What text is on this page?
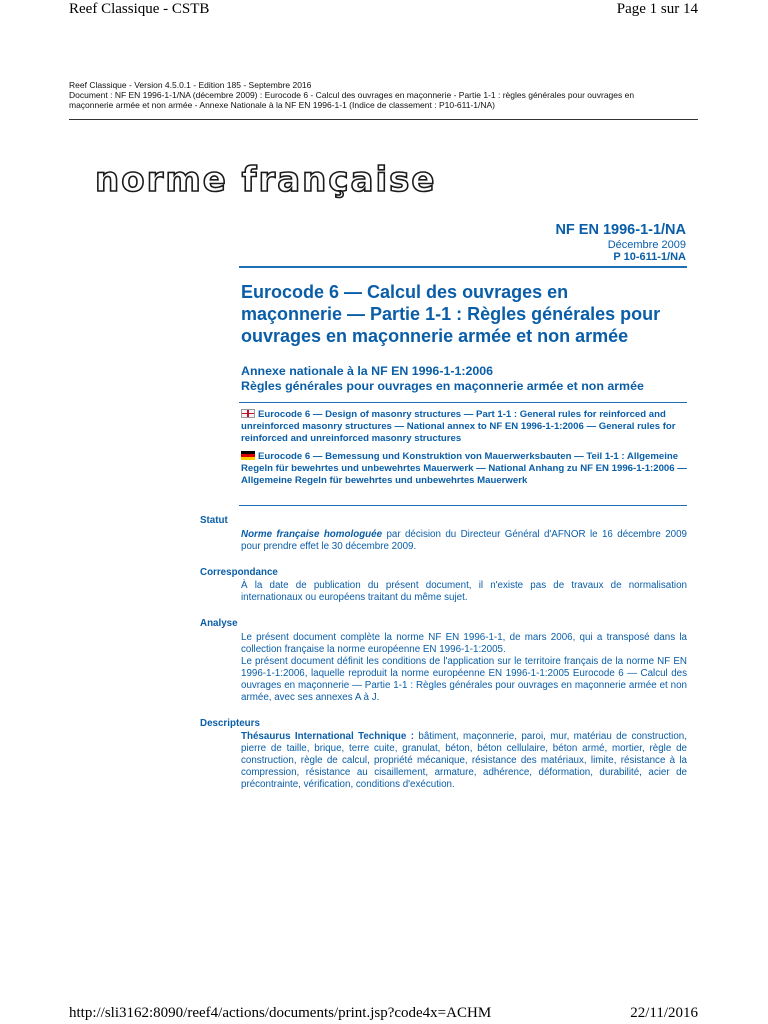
Reef Classique - CSTB	Page 1 sur 14
Reef Classique - Version 4.5.0.1 - Edition 185 - Septembre 2016
Document : NF EN 1996-1-1/NA (décembre 2009) : Eurocode 6 - Calcul des ouvrages en maçonnerie - Partie 1-1 : règles générales pour ouvrages en
maçonnerie armée et non armée - Annexe Nationale à la NF EN 1996-1-1 (Indice de classement : P10-611-1/NA)
norme française
NF EN 1996-1-1/NA
Décembre 2009
P 10-611-1/NA
Eurocode 6 — Calcul des ouvrages en maçonnerie — Partie 1-1 : Règles générales pour ouvrages en maçonnerie armée et non armée
Annexe nationale à la NF EN 1996-1-1:2006
Règles générales pour ouvrages en maçonnerie armée et non armée
Eurocode 6 — Design of masonry structures — Part 1-1 : General rules for reinforced and unreinforced masonry structures — National annex to NF EN 1996-1-1:2006 — General rules for reinforced and unreinforced masonry structures
Eurocode 6 — Bemessung und Konstruktion von Mauerwerksbauten — Teil 1-1 : Allgemeine Regeln für bewehrtes und unbewehrtes Mauerwerk — National Anhang zu NF EN 1996-1-1:2006 — Allgemeine Regeln für bewehrtes und unbewehrtes Mauerwerk
Statut
Norme française homologuée par décision du Directeur Général d'AFNOR le 16 décembre 2009 pour prendre effet le 30 décembre 2009.
Correspondance
À la date de publication du présent document, il n'existe pas de travaux de normalisation internationaux ou européens traitant du même sujet.
Analyse
Le présent document complète la norme NF EN 1996-1-1, de mars 2006, qui a transposé dans la collection française la norme européenne EN 1996-1-1:2005.
Le présent document définit les conditions de l'application sur le territoire français de la norme NF EN 1996-1-1:2006, laquelle reproduit la norme européenne EN 1996-1-1:2005 Eurocode 6 — Calcul des ouvrages en maçonnerie — Partie 1-1 : Règles générales pour ouvrages en maçonnerie armée et non armée, avec ses annexes A à J.
Descripteurs
Thésaurus International Technique : bâtiment, maçonnerie, paroi, mur, matériau de construction, pierre de taille, brique, terre cuite, granulat, béton, béton cellulaire, béton armé, mortier, règle de construction, règle de calcul, propriété mécanique, résistance des matériaux, limite, résistance à la compression, résistance au cisaillement, armature, adhérence, déformation, durabilité, acier de précontrainte, vérification, conditions d'exécution.
http://sli3162:8090/reef4/actions/documents/print.jsp?code4x=ACHM	22/11/2016
